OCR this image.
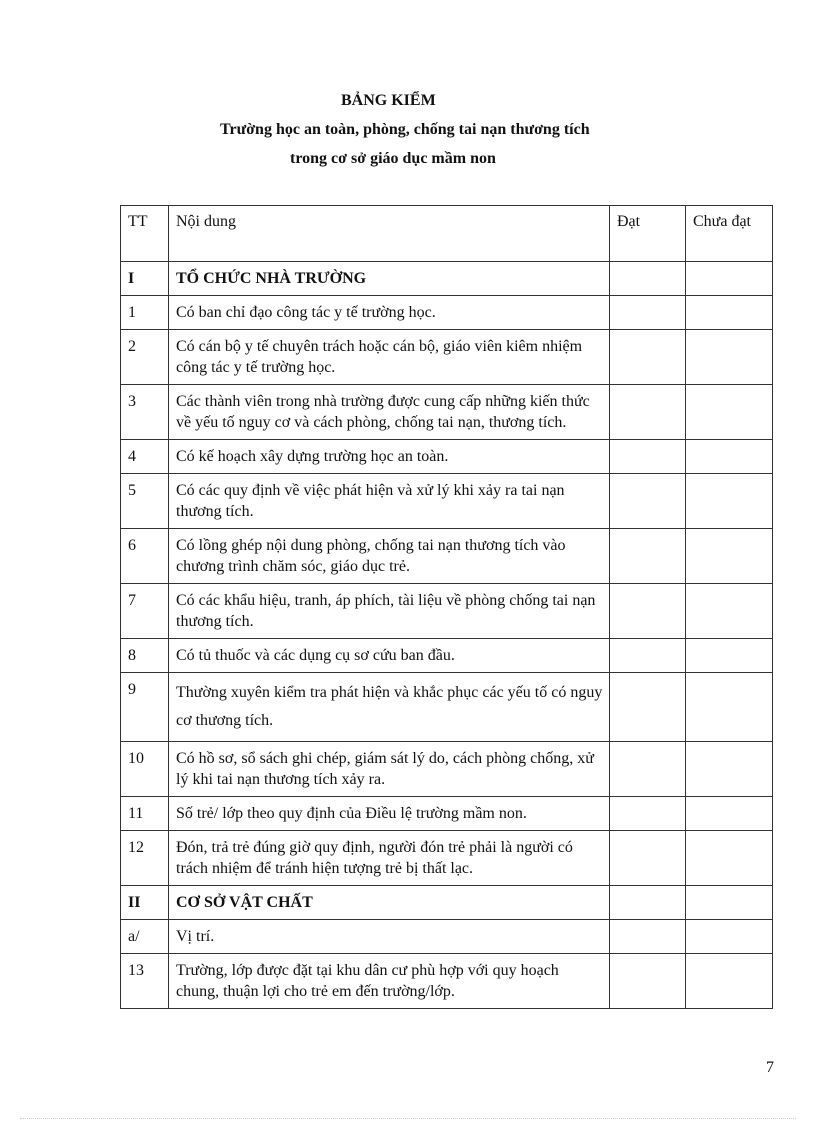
BẢNG KIỂM
Trường học an toàn, phòng, chống tai nạn thương tích
trong cơ sở giáo dục mầm non
TT	Nội dung	Đạt	Chưa đạt
I	TỔ CHỨC NHÀ TRƯỜNG		
1	Có ban chỉ đạo công tác y tế trường học.		
2	Có cán bộ y tế chuyên trách hoặc cán bộ, giáo viên kiêm nhiệm công tác y tế trường học.		
3	Các thành viên trong nhà trường được cung cấp những kiến thức về yếu tố nguy cơ và cách phòng, chống tai nạn, thương tích.		
4	Có kế hoạch xây dựng trường học an toàn.		
5	Có các quy định về việc phát hiện và xử lý khi xảy ra tai nạn thương tích.		
6	Có lồng ghép nội dung phòng, chống tai nạn thương tích vào chương trình chăm sóc, giáo dục trẻ.		
7	Có các khẩu hiệu, tranh, áp phích, tài liệu về phòng chống tai nạn thương tích.		
8	Có tủ thuốc và các dụng cụ sơ cứu ban đầu.		
9	Thường xuyên kiểm tra phát hiện và khắc phục các yếu tố có nguy cơ thương tích.		
10	Có hồ sơ, sổ sách ghi chép, giám sát lý do, cách phòng chống, xử lý khi tai nạn thương tích xảy ra.		
11	Số trẻ/ lớp theo quy định của Điều lệ trường mầm non.		
12	Đón, trả trẻ đúng giờ quy định, người đón trẻ phải là người có trách nhiệm để tránh hiện tượng trẻ bị thất lạc.		
II	CƠ SỞ VẬT CHẤT		
a/	Vị trí.		
13	Trường, lớp được đặt tại khu dân cư phù hợp với quy hoạch chung, thuận lợi cho trẻ em đến trường/lớp.		
7
